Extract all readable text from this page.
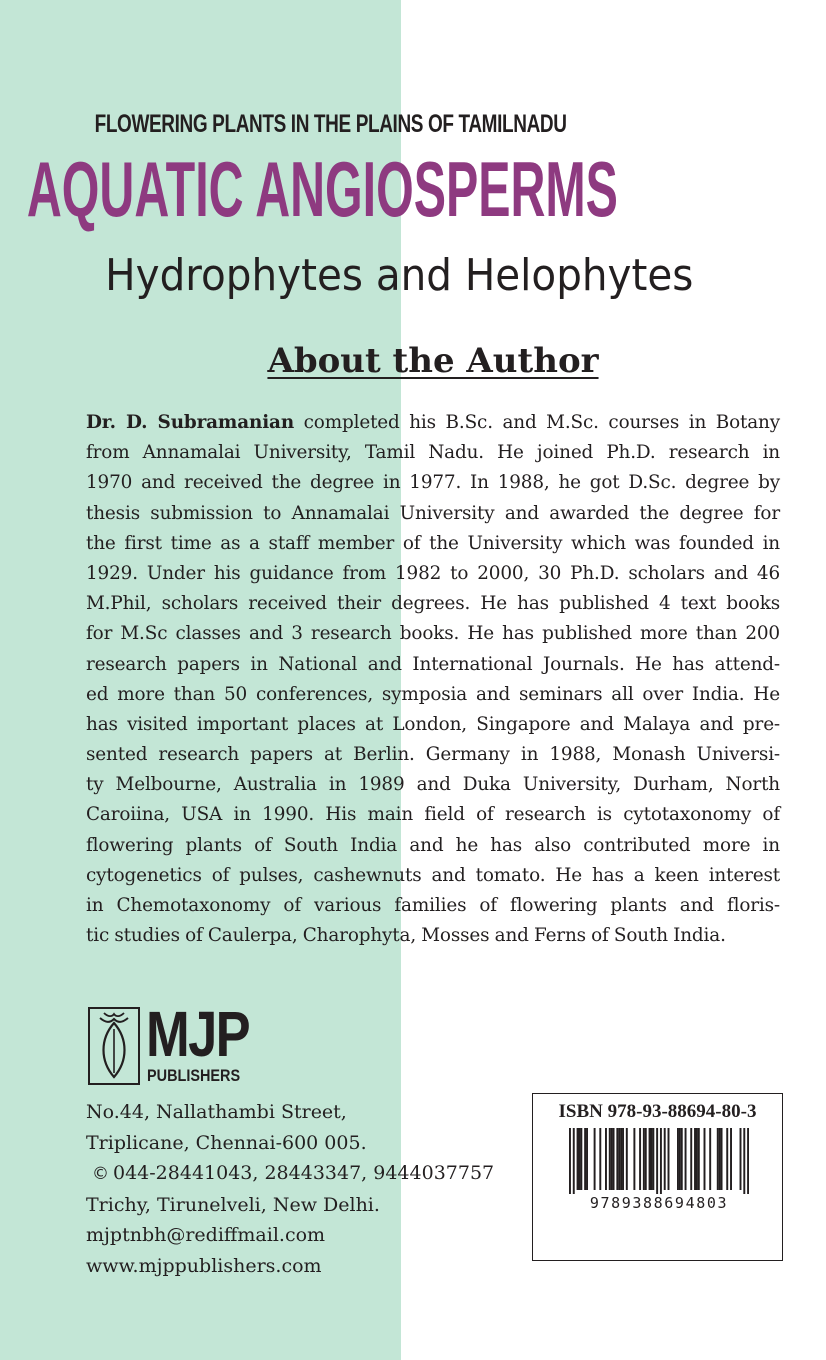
FLOWERING PLANTS IN THE PLAINS OF TAMILNADU
AQUATIC ANGIOSPERMS
Hydrophytes and Helophytes
About the Author
Dr. D. Subramanian completed his B.Sc. and M.Sc. courses in Botany
from Annamalai University, Tamil Nadu. He joined Ph.D. research in
1970 and received the degree in 1977. In 1988, he got D.Sc. degree by
thesis submission to Annamalai University and awarded the degree for
the first time as a staff member of the University which was founded in
1929. Under his guidance from 1982 to 2000, 30 Ph.D. scholars and 46
M.Phil, scholars received their degrees. He has published 4 text books
for M.Sc classes and 3 research books. He has published more than 200
research papers in National and International Journals. He has attend-
ed more than 50 conferences, symposia and seminars all over India. He
has visited important places at London, Singapore and Malaya and pre-
sented research papers at Berlin. Germany in 1988, Monash Universi-
ty Melbourne, Australia in 1989 and Duka University, Durham, North
Caroiina, USA in 1990. His main field of research is cytotaxonomy of
flowering plants of South India and he has also contributed more in
cytogenetics of pulses, cashewnuts and tomato. He has a keen interest
in Chemotaxonomy of various families of flowering plants and floris-
tic studies of Caulerpa, Charophyta, Mosses and Ferns of South India.
MJP
PUBLISHERS
No.44, Nallathambi Street,
Triplicane, Chennai-600 005.
© 044-28441043, 28443347, 9444037757
Trichy, Tirunelveli, New Delhi.
mjptnbh@rediffmail.com
www.mjppublishers.com
ISBN 978-93-88694-80-3
9789388694803
